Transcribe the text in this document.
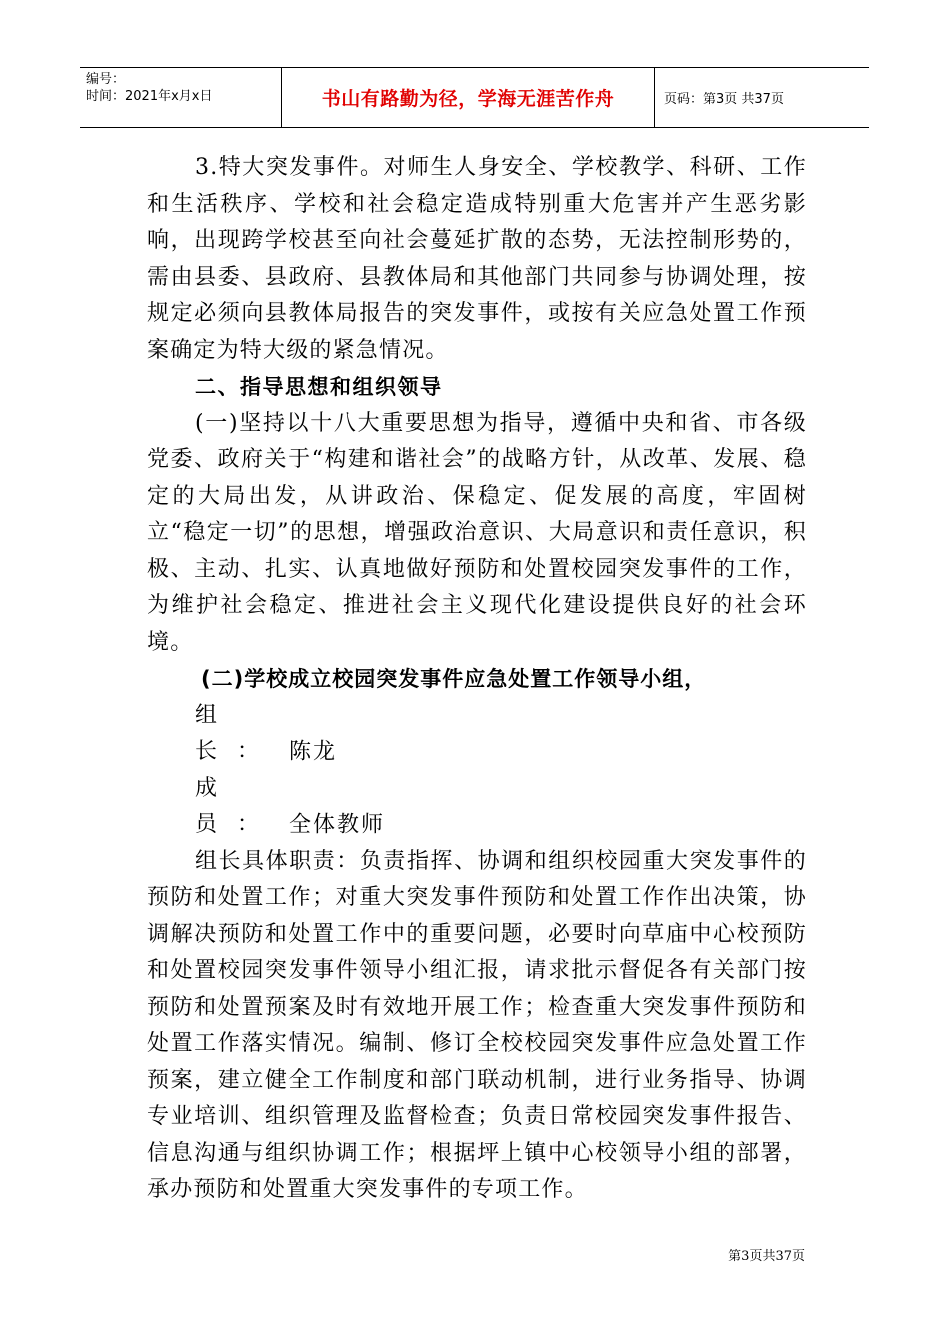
编号：
时间：2021年x月x日	书山有路勤为径，学海无涯苦作舟	页码：第3页 共37页

3.特大突发事件。对师生人身安全、学校教学、科研、工作和生活秩序、学校和社会稳定造成特别重大危害并产生恶劣影响，出现跨学校甚至向社会蔓延扩散的态势，无法控制形势的，需由县委、县政府、县教体局和其他部门共同参与协调处理，按规定必须向县教体局报告的突发事件，或按有关应急处置工作预案确定为特大级的紧急情况。

二、指导思想和组织领导

(一)坚持以十八大重要思想为指导，遵循中央和省、市各级党委、政府关于“构建和谐社会”的战略方针，从改革、发展、稳定的大局出发，从讲政治、保稳定、促发展的高度，牢固树立“稳定一切”的思想，增强政治意识、大局意识和责任意识，积极、主动、扎实、认真地做好预防和处置校园突发事件的工作，为维护社会稳定、推进社会主义现代化建设提供良好的社会环境。

(二)学校成立校园突发事件应急处置工作领导小组，

组长： 陈龙

成员： 全体教师

组长具体职责：负责指挥、协调和组织校园重大突发事件的预防和处置工作；对重大突发事件预防和处置工作作出决策，协调解决预防和处置工作中的重要问题，必要时向草庙中心校预防和处置校园突发事件领导小组汇报，请求批示督促各有关部门按预防和处置预案及时有效地开展工作；检查重大突发事件预防和处置工作落实情况。编制、修订全校校园突发事件应急处置工作预案，建立健全工作制度和部门联动机制，进行业务指导、协调专业培训、组织管理及监督检查；负责日常校园突发事件报告、信息沟通与组织协调工作；根据坪上镇中心校领导小组的部署，承办预防和处置重大突发事件的专项工作。

第3页共37页
